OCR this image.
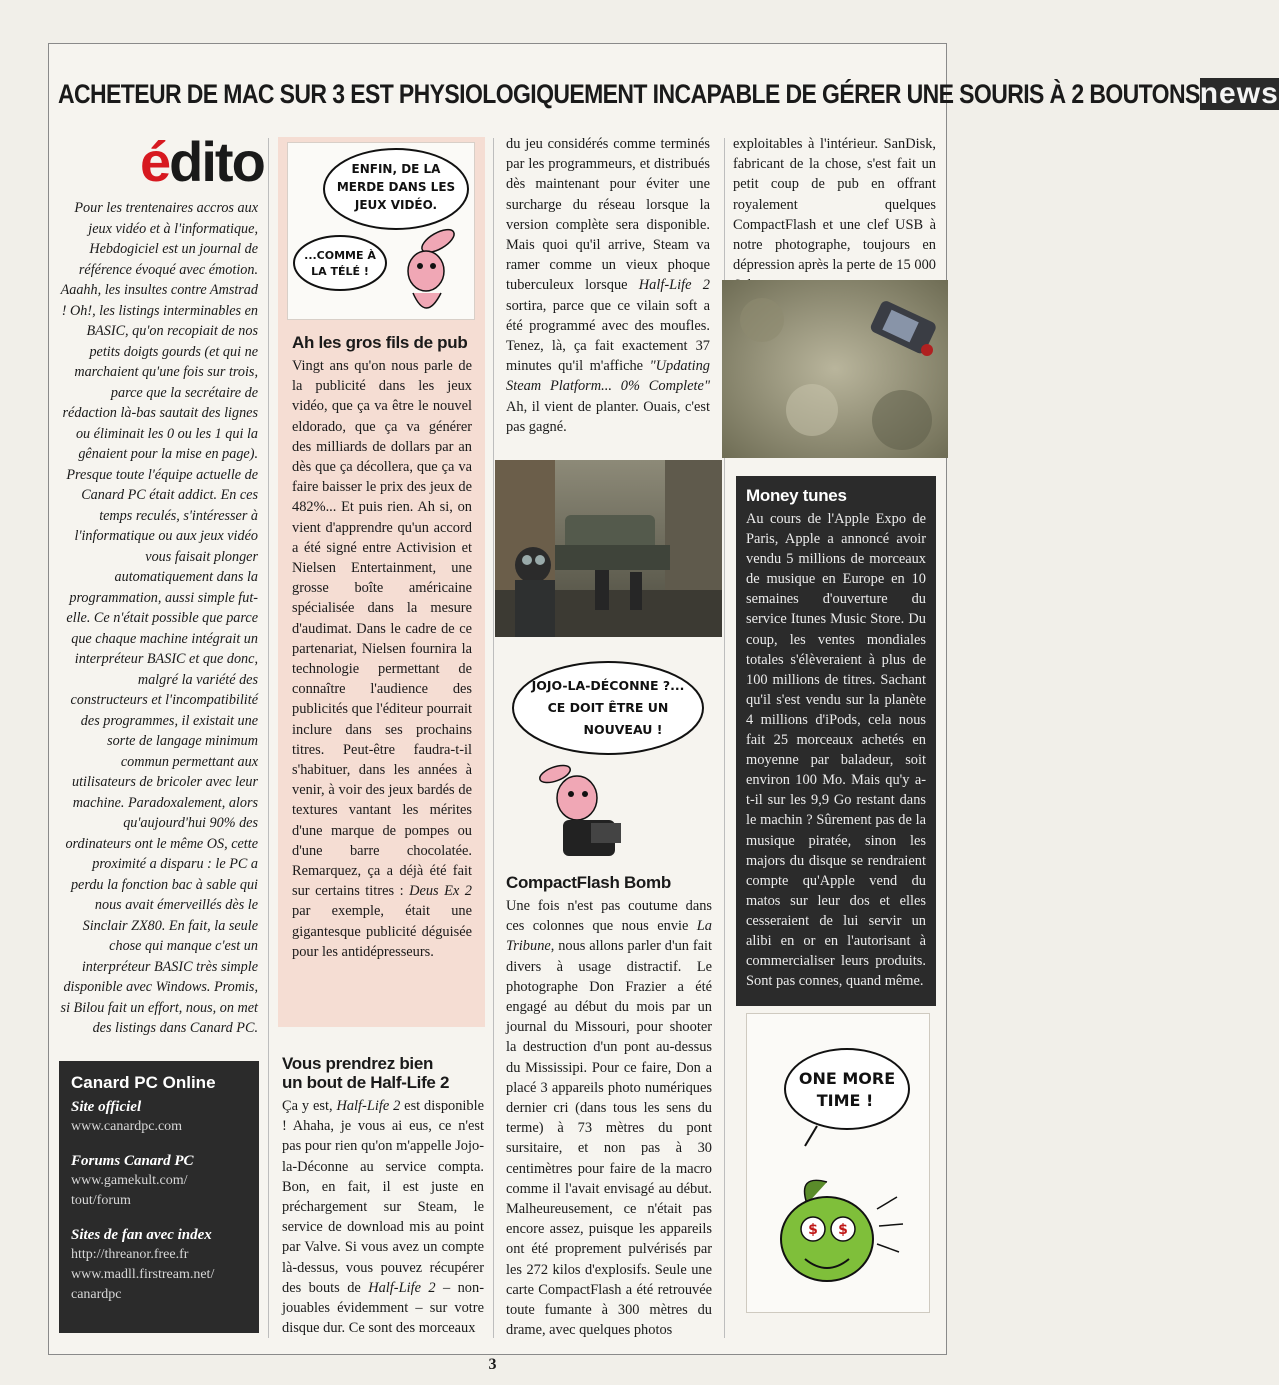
ACHETEUR DE MAC SUR 3 EST PHYSIOLOGIQUEMENT INCAPABLE DE GÉRER UNE SOURIS À 2 BOUTONS news
édito
Pour les trentenaires accros aux jeux vidéo et à l'informatique, Hebdogiciel est un journal de référence évoqué avec émotion. Aaahh, les insultes contre Amstrad ! Oh!, les listings interminables en BASIC, qu'on recopiait de nos petits doigts gourds (et qui ne marchaient qu'une fois sur trois, parce que la secrétaire de rédaction là-bas sautait des lignes ou éliminait les 0 ou les 1 qui la gênaient pour la mise en page). Presque toute l'équipe actuelle de Canard PC était addict. En ces temps reculés, s'intéresser à l'informatique ou aux jeux vidéo vous faisait plonger automatiquement dans la programmation, aussi simple fut-elle. Ce n'était possible que parce que chaque machine intégrait un interpréteur BASIC et que donc, malgré la variété des constructeurs et l'incompatibilité des programmes, il existait une sorte de langage minimum commun permettant aux utilisateurs de bricoler avec leur machine. Paradoxalement, alors qu'aujourd'hui 90% des ordinateurs ont le même OS, cette proximité a disparu : le PC a perdu la fonction bac à sable qui nous avait émerveillés dès le Sinclair ZX80. En fait, la seule chose qui manque c'est un interpréteur BASIC très simple disponible avec Windows. Promis, si Bilou fait un effort, nous, on met des listings dans Canard PC.
Canard PC Online
Site officiel
www.canardpc.com
Forums Canard PC
www.gamekult.com/
tout/forum
Sites de fan avec index
http://threanor.free.fr
www.madll.firstream.net/
canardpc
ENFIN, DE LA
MERDE DANS LES
JEUX VIDÉO.
...COMME À
LA TÉLÉ !
Ah les gros fils de pub

Vingt ans qu'on nous parle de la publicité dans les jeux vidéo, que ça va être le nouvel eldorado, que ça va générer des milliards de dollars par an dès que ça décollera, que ça va faire baisser le prix des jeux de 482%... Et puis rien. Ah si, on vient d'apprendre qu'un accord a été signé entre Activision et Nielsen Entertainment, une grosse boîte américaine spécialisée dans la mesure d'audimat. Dans le cadre de ce partenariat, Nielsen fournira la technologie permettant de connaître l'audience des publicités que l'éditeur pourrait inclure dans ses prochains titres. Peut-être faudra-t-il s'habituer, dans les années à venir, à voir des jeux bardés de textures vantant les mérites d'une marque de pompes ou d'une barre chocolatée. Remarquez, ça a déjà été fait sur certains titres : Deus Ex 2 par exemple, était une gigantesque publicité déguisée pour les antidépresseurs.

Vous prendrez bien
un bout de Half-Life 2

Ça y est, Half-Life 2 est disponible ! Ahaha, je vous ai eus, ce n'est pas pour rien qu'on m'appelle Jojo-la-Déconne au service compta. Bon, en fait, il est juste en préchargement sur Steam, le service de download mis au point par Valve. Si vous avez un compte là-dessus, vous pouvez récupérer des bouts de Half-Life 2 – non-jouables évidemment – sur votre disque dur. Ce sont des morceaux

du jeu considérés comme terminés par les programmeurs, et distribués dès maintenant pour éviter une surcharge du réseau lorsque la version complète sera disponible. Mais quoi qu'il arrive, Steam va ramer comme un vieux phoque tuberculeux lorsque Half-Life 2 sortira, parce que ce vilain soft a été programmé avec des moufles. Tenez, là, ça fait exactement 37 minutes qu'il m'affiche "Updating Steam Platform... 0% Complete" Ah, il vient de planter. Ouais, c'est pas gagné.

JOJO-LA-DÉCONNE ?...
CE DOIT ÊTRE UN
NOUVEAU !
CompactFlash Bomb

Une fois n'est pas coutume dans ces colonnes que nous envie La Tribune, nous allons parler d'un fait divers à usage distractif. Le photographe Don Frazier a été engagé au début du mois par un journal du Missouri, pour shooter la destruction d'un pont au-dessus du Mississipi. Pour ce faire, Don a placé 3 appareils photo numériques dernier cri (dans tous les sens du terme) à 73 mètres du pont sursitaire, et non pas à 30 centimètres pour faire de la macro comme il l'avait envisagé au début. Malheureusement, ce n'était pas encore assez, puisque les appareils ont été proprement pulvérisés par les 272 kilos d'explosifs. Seule une carte CompactFlash a été retrouvée toute fumante à 300 mètres du drame, avec quelques photos

exploitables à l'intérieur. SanDisk, fabricant de la chose, s'est fait un petit coup de pub en offrant royalement quelques CompactFlash et une clef USB à notre photographe, toujours en dépression après la perte de 15 000

Money tunes

Au cours de l'Apple Expo de Paris, Apple a annoncé avoir vendu 5 millions de morceaux de musique en Europe en 10 semaines d'ouverture du service Itunes Music Store. Du coup, les ventes mondiales totales s'élèveraient à plus de 100 millions de titres. Sachant qu'il s'est vendu sur la planète 4 millions d'iPods, cela nous fait 25 morceaux achetés en moyenne par baladeur, soit environ 100 Mo. Mais qu'y a-t-il sur les 9,9 Go restant dans le machin ? Sûrement pas de la musique piratée, sinon les majors du disque se rendraient compte qu'Apple vend du matos sur leur dos et elles cesseraient de lui servir un alibi en or en l'autorisant à commercialiser leurs produits. Sont pas connes, quand même.

ONE MORE
TIME !
$ $
3
